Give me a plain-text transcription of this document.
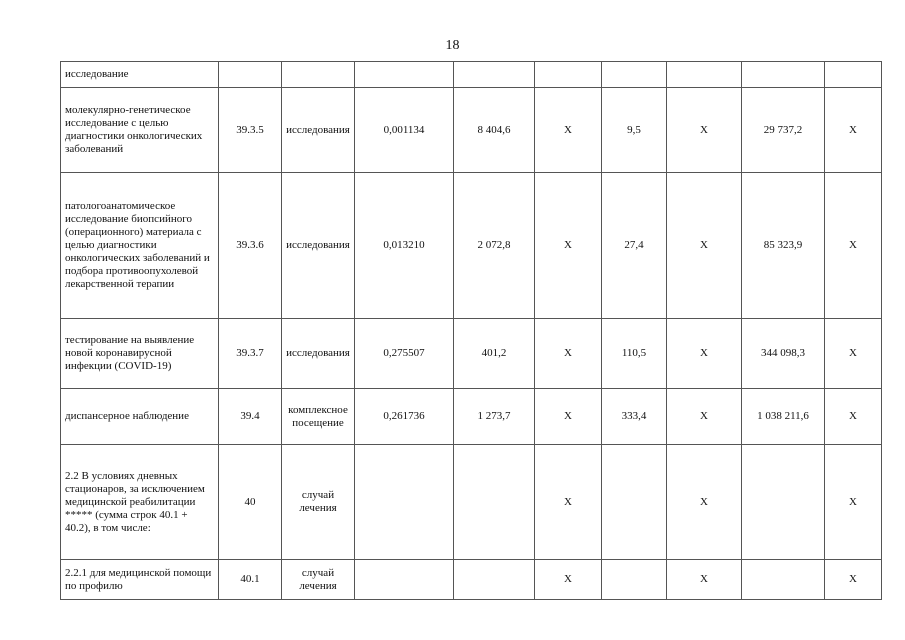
18
исследование									
молекулярно-генетическое исследование с целью диагностики онкологических заболеваний	39.3.5	исследования	0,001134	8 404,6	Х	9,5	Х	29 737,2	Х
патологоанатомическое исследование биопсийного (операционного) материала с целью диагностики онкологических заболеваний и подбора противоопухолевой лекарственной терапии	39.3.6	исследования	0,013210	2 072,8	Х	27,4	Х	85 323,9	Х
тестирование на выявление новой коронавирусной инфекции (COVID-19)	39.3.7	исследования	0,275507	401,2	Х	110,5	Х	344 098,3	Х
диспансерное наблюдение	39.4	комплексное посещение	0,261736	1 273,7	Х	333,4	Х	1 038 211,6	Х
2.2 В условиях дневных стационаров, за исключением медицинской реабилитации ***** (сумма строк 40.1 + 40.2), в том числе:	40	случай лечения			Х		Х		Х
2.2.1 для медицинской помощи по профилю	40.1	случай лечения			Х		Х		Х
